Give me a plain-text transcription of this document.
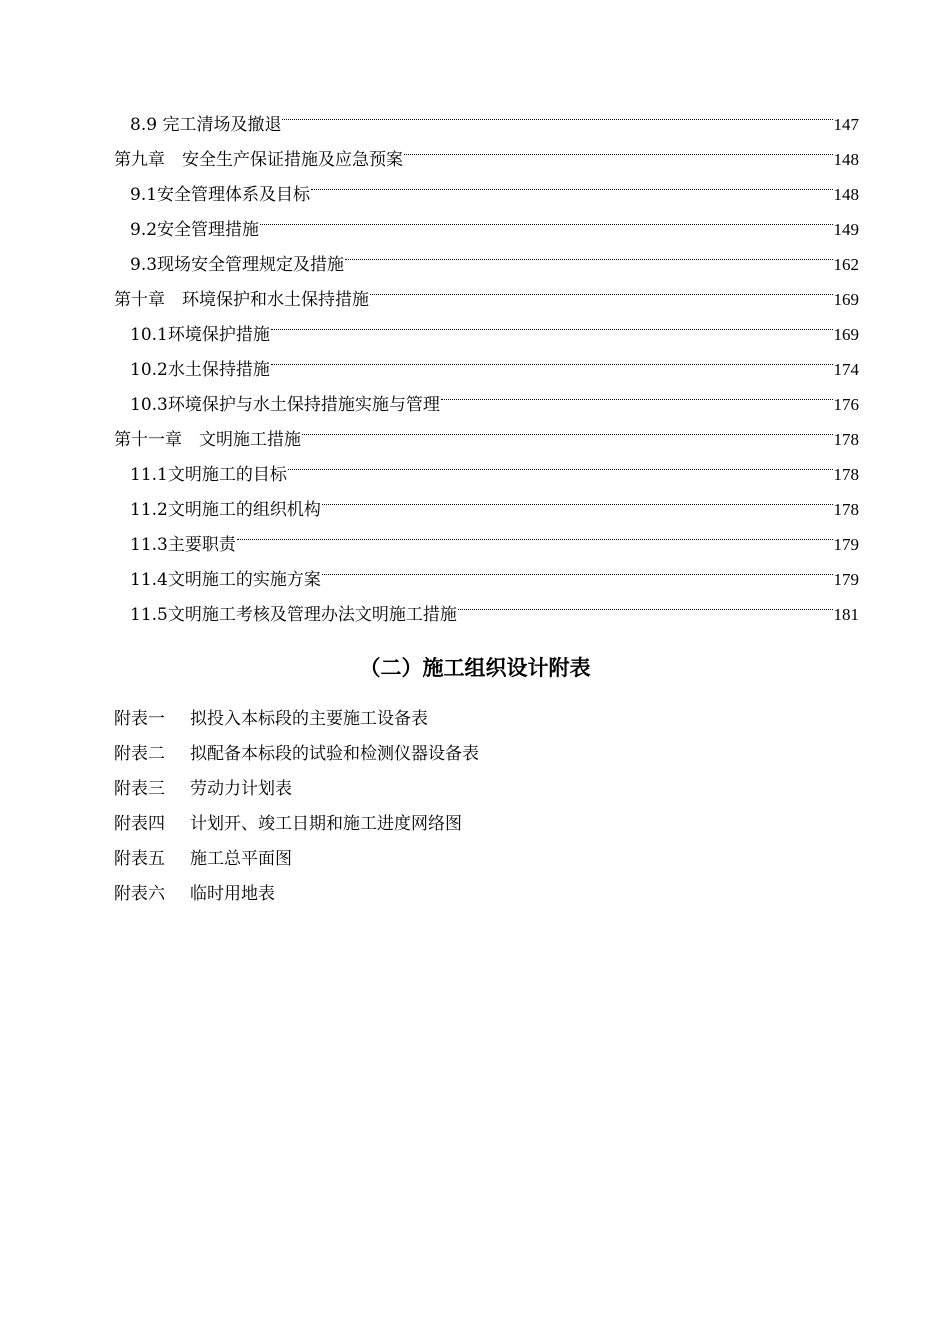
8.9 完工清场及撤退	147
第九章　安全生产保证措施及应急预案	148
9.1安全管理体系及目标	148
9.2安全管理措施	149
9.3现场安全管理规定及措施	162
第十章　环境保护和水土保持措施	169
10.1环境保护措施	169
10.2水土保持措施	174
10.3环境保护与水土保持措施实施与管理	176
第十一章　文明施工措施	178
11.1文明施工的目标	178
11.2文明施工的组织机构	178
11.3主要职责	179
11.4文明施工的实施方案	179
11.5文明施工考核及管理办法文明施工措施	181
（二）施工组织设计附表
附表一 拟投入本标段的主要施工设备表
附表二 拟配备本标段的试验和检测仪器设备表
附表三 劳动力计划表
附表四 计划开、竣工日期和施工进度网络图
附表五 施工总平面图
附表六 临时用地表
